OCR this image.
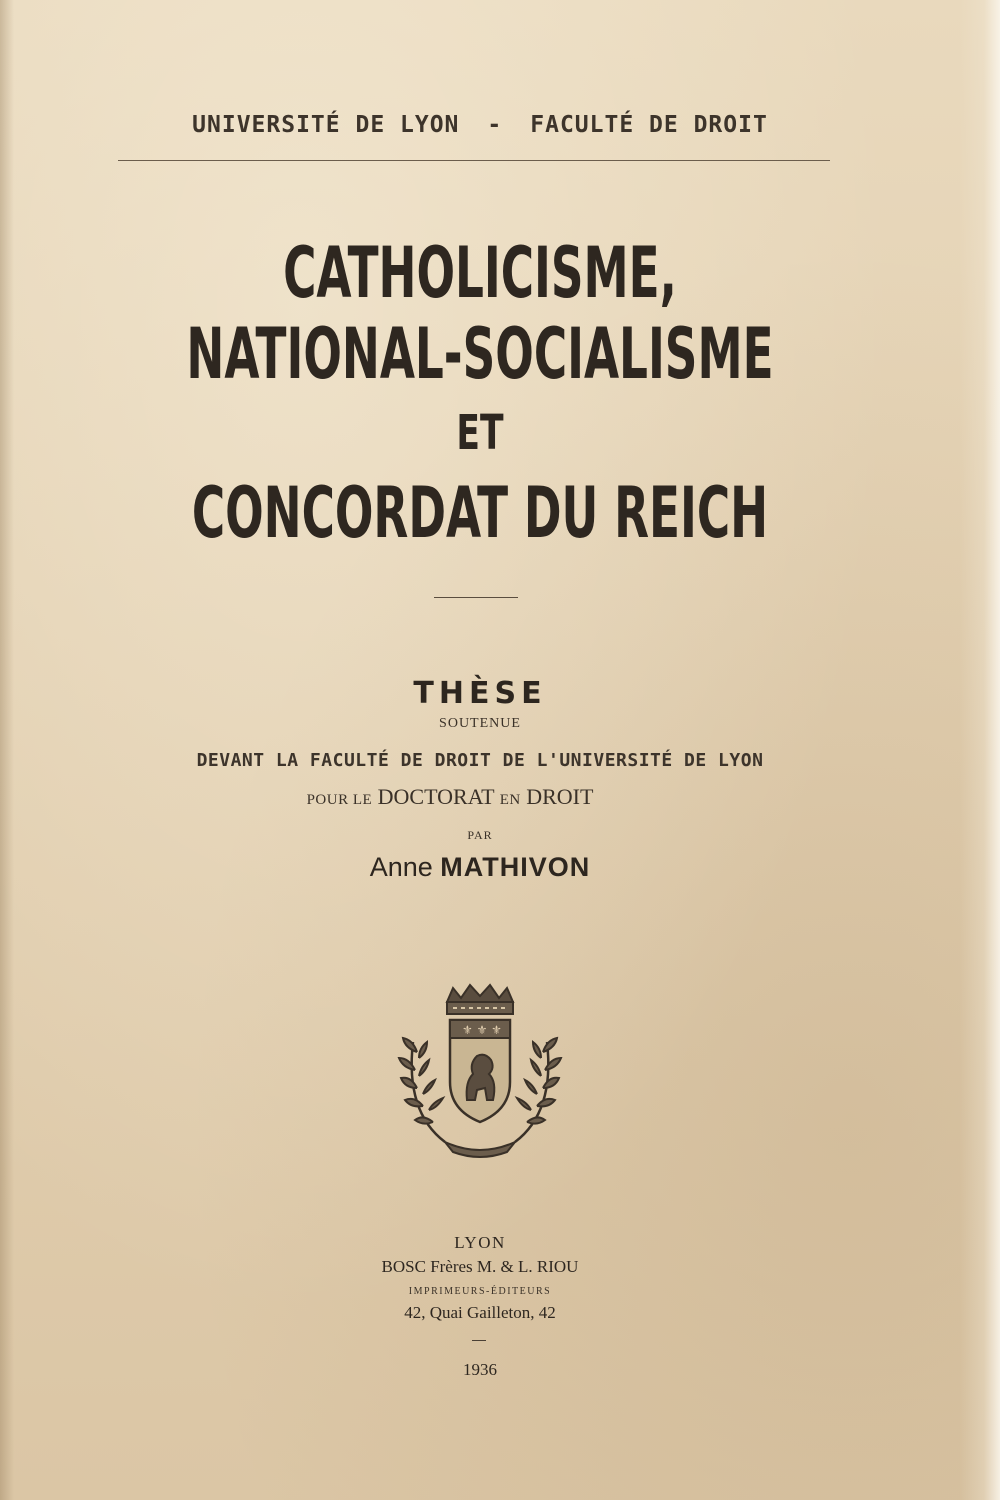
UNIVERSITÉ DE LYON - FACULTÉ DE DROIT
CATHOLICISME,
NATIONAL-SOCIALISME
ET
CONCORDAT DU REICH
THÈSE
SOUTENUE
DEVANT LA FACULTÉ DE DROIT DE L'UNIVERSITÉ DE LYON
POUR LE DOCTORAT EN DROIT
PAR
Anne MATHIVON
⚜ ⚜ ⚜
LYON
BOSC Frères M. & L. RIOU
IMPRIMEURS-ÉDITEURS
42, Quai Gailleton, 42
1936
